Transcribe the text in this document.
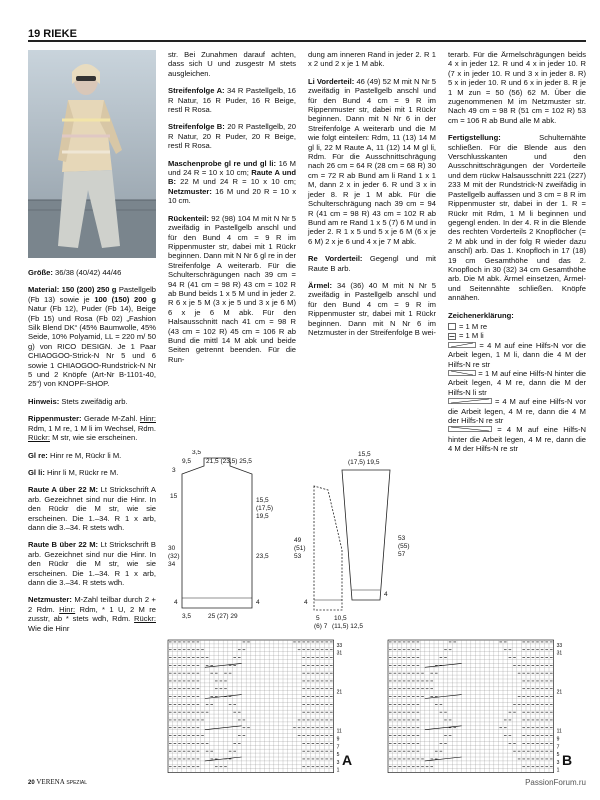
19 RIEKE

Größe: 36/38 (40/42) 44/46

Material: 150 (200) 250 g Pastellgelb (Fb 13) sowie je 100 (150) 200 g Natur (Fb 12), Puder (Fb 14), Beige (Fb 15) und Rosa (Fb 02) „Fashion Silk Blend DK“ (45% Baumwolle, 45% Seide, 10% Polyamid, LL = 220 m/ 50 g) von RICO DESIGN. Je 1 Paar CHIAOGOO-Strick-N Nr 5 und 6 sowie 1 CHIAOGOO-Rundstrick-N Nr 5 und 2 Knöpfe (Art-Nr B-1101-40, 25“) von KNOPF-SHOP.

Hinweis: Stets zweifädig arb.

Rippenmuster: Gerade M-Zahl. Hinr: Rdm, 1 M re, 1 M li im Wechsel, Rdm. Rückr: M str, wie sie erscheinen.

Gl re: Hinr re M, Rückr li M.

Gl li: Hinr li M, Rückr re M.

Raute A über 22 M: Lt Strickschrift A arb. Gezeichnet sind nur die Hinr. In den Rückr die M str, wie sie erscheinen. Die 1.–34. R 1 x arb, dann die 3.–34. R stets wdh.

Raute B über 22 M: Lt Strickschrift B arb. Gezeichnet sind nur die Hinr. In den Rückr die M str, wie sie erscheinen. Die 1.–34. R 1 x arb, dann die 3.–34. R stets wdh.

Netzmuster: M-Zahl teilbar durch 2 + 2 Rdm. Hinr: Rdm, * 1 U, 2 M re zusstr, ab * stets wdh, Rdm. Rückr: Wie die Hinr

str. Bei Zunahmen darauf achten, dass sich U und zusgestr M stets ausgleichen.

Streifenfolge A: 34 R Pastellgelb, 16 R Natur, 16 R Puder, 16 R Beige, restl R Rosa.

Streifenfolge B: 20 R Pastellgelb, 20 R Natur, 20 R Puder, 20 R Beige, restl R Rosa.

Maschenprobe gl re und gl li: 16 M und 24 R = 10 x 10 cm; Raute A und B: 22 M und 24 R = 10 x 10 cm; Netzmuster: 16 M und 20 R = 10 x 10 cm.

Rückenteil: 92 (98) 104 M mit N Nr 5 zweifädig in Pastellgelb anschl und für den Bund 4 cm = 9 R im Rippenmuster str, dabei mit 1 Rückr beginnen. Dann mit N Nr 6 gl re in der Streifenfolge A weiterarb. Für die Schulterschrägungen nach 39 cm = 94 R (41 cm = 98 R) 43 cm = 102 R ab Bund beids 1 x 5 M und in jeder 2. R 6 x je 5 M (3 x je 5 und 3 x je 6 M) 6 x je 6 M abk. Für den Halsausschnitt nach 41 cm = 98 R (43 cm = 102 R) 45 cm = 106 R ab Bund die mittl 14 M abk und beide Seiten getrennt beenden. Für die Run-

dung am inneren Rand in jeder 2. R 1 x 2 und 2 x je 1 M abk.

Li Vorderteil: 46 (49) 52 M mit N Nr 5 zweifädig in Pastellgelb anschl und für den Bund 4 cm = 9 R im Rippenmuster str, dabei mit 1 Rückr beginnen. Dann mit N Nr 6 in der Streifenfolge A weiterarb und die M wie folgt einteilen: Rdm, 11 (13) 14 M gl li, 22 M Raute A, 11 (12) 14 M gl li, Rdm. Für die Ausschnittschrägung nach 26 cm = 64 R (28 cm = 68 R) 30 cm = 72 R ab Bund am li Rand 1 x 1 M, dann 2 x in jeder 6. R und 3 x in jeder 8. R je 1 M abk. Für die Schulterschrägung nach 39 cm = 94 R (41 cm = 98 R) 43 cm = 102 R ab Bund am re Rand 1 x 5 (7) 6 M und in jeder 2. R 1 x 5 und 5 x je 6 M (6 x je 6 M) 2 x je 6 und 4 x je 7 M abk.

Re Vorderteil: Gegengl und mit Raute B arb.

Ärmel: 34 (36) 40 M mit N Nr 5 zweifädig in Pastellgelb anschl und für den Bund 4 cm = 9 R im Rippenmuster str, dabei mit 1 Rückr beginnen. Dann mit N Nr 6 im Netzmuster in der Streifenfolge B wei-

terarb. Für die Ärmelschrägungen beids 4 x in jeder 12. R und 4 x in jeder 10. R (7 x in jeder 10. R und 3 x in jeder 8. R) 5 x in jeder 10. R und 6 x in jeder 8. R je 1 M zun = 50 (56) 62 M. Über die zugenommenen M im Netzmuster str. Nach 49 cm = 98 R (51 cm = 102 R) 53 cm = 106 R ab Bund alle M abk.

Fertigstellung:	Schulternähte schließen. Für die Blende aus den Verschlusskanten und den Ausschnittschrägungen der Vorderteile und dem rückw Halsausschnitt 221 (227) 233 M mit der Rundstrick-N zweifädig in Pastellgelb auffassen und 3 cm = 8 R im Rippenmuster str, dabei in der 1. R = Rückr mit Rdm, 1 M li beginnen und gegengl enden. In der 4. R in die Blende des rechten Vorderteils 2 Knopflöcher (= 2 M abk und in der folg R wieder dazu anschl) arb. Das 1. Knopfloch in 17 (18) 19 cm Gesamthöhe und das 2. Knopfloch in 30 (32) 34 cm Gesamthöhe arb. Die M abk. Ärmel einsetzen, Ärmel- und Seitennähte schließen. Knöpfe annähen.

Zeichenerklärung:

= 1 M re
= 1 M li

= 4 M auf eine Hilfs-N vor die Arbeit legen, 1 M li, dann die 4 M der Hilfs-N re str

= 1 M auf eine Hilfs-N hinter die Arbeit legen, 4 M re, dann die M der Hilfs-N li str

= 4 M auf eine Hilfs-N vor die Arbeit legen, 4 M re, dann die 4 M der Hilfs-N re str

= 4 M auf eine Hilfs-N hinter die Arbeit legen, 4 M re, dann die 4 M der Hilfs-N re str

3,5
9,5 21,5 (23,5) 25,5
3
15
15,5
(17,5)
19,5
30
(32)
34
23,5
4	4
3,5	25 (27) 29
49
(51)
53
4
5
(6) 7
10,5
(11,5) 12,5
15,5
(17,5) 19,5
53
(55)
57
4
33
31
21
11
9
7
5
3
1
A
33
31
21
11
9
7
5
3
1
B
20 VERENA SPEZIAL	PassionForum.ru
